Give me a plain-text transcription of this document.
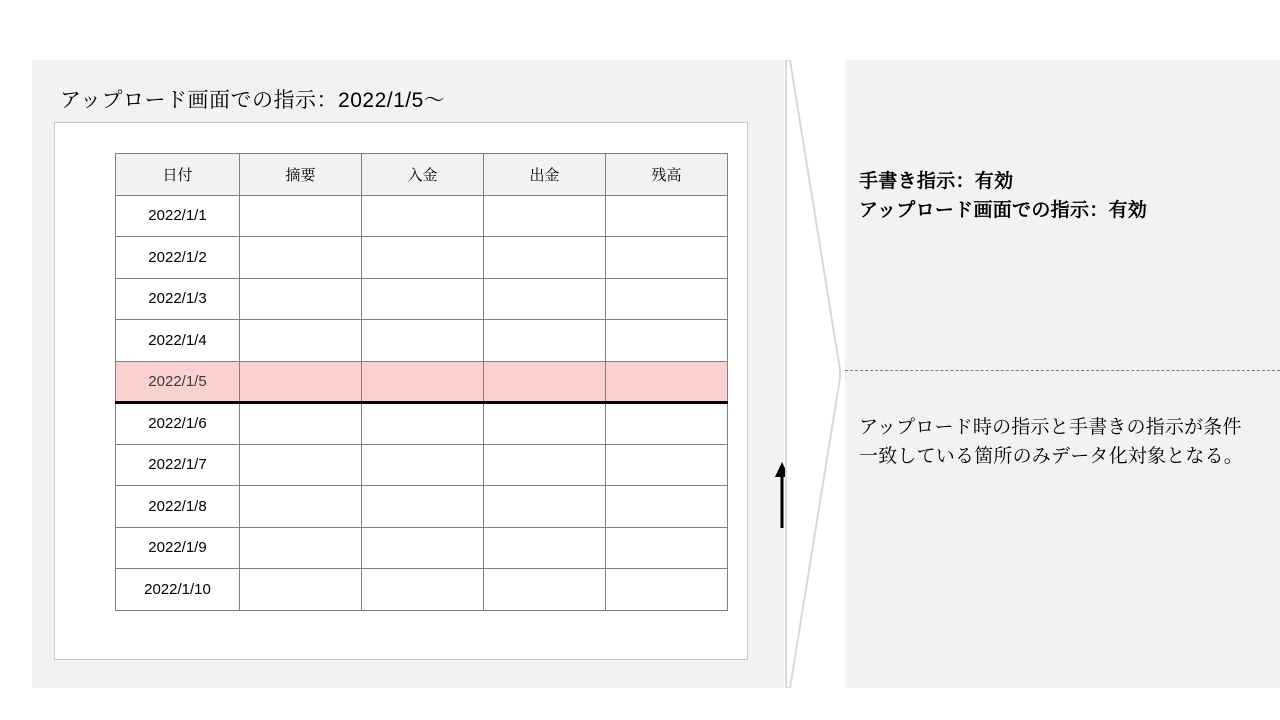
アップロード画面での指示：2022/1/5〜
日付	摘要	入金	出金	残高
2022/1/1				
2022/1/2				
2022/1/3				
2022/1/4				
2022/1/5				
2022/1/6				
2022/1/7				
2022/1/8				
2022/1/9				
2022/1/10				
手書き指示：有効
アップロード画面での指示：有効
アップロード時の指示と手書きの指示が条件一致している箇所のみデータ化対象となる。
